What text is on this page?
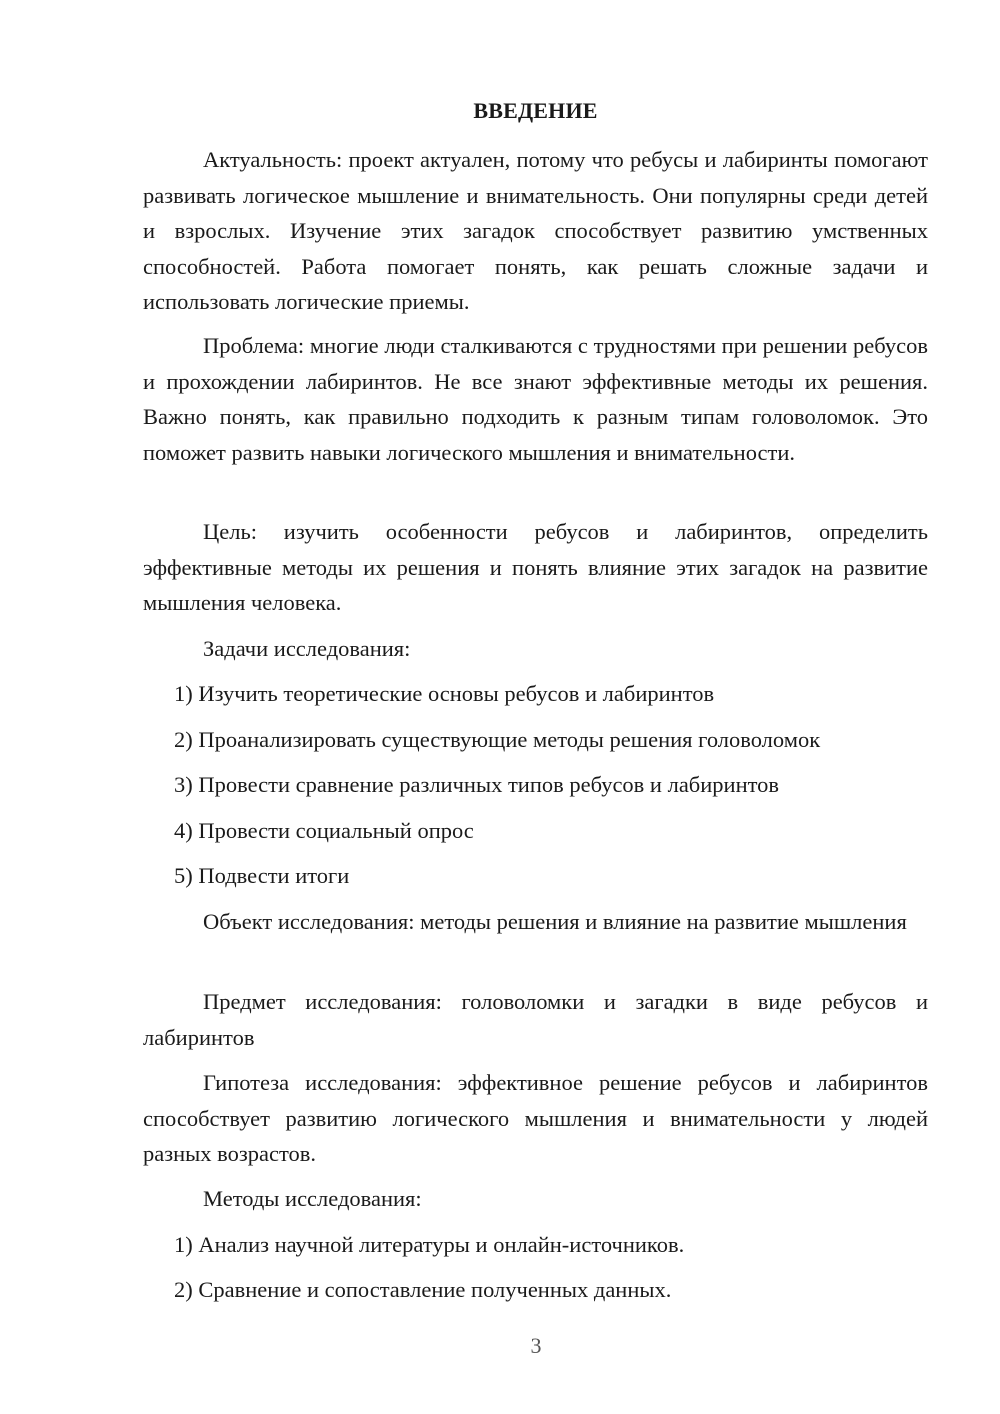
ВВЕДЕНИЕ

Актуальность: проект актуален, потому что ребусы и лабиринты помогают развивать логическое мышление и внимательность. Они популярны среди детей и взрослых. Изучение этих загадок способствует развитию умственных способностей. Работа помогает понять, как решать сложные задачи и использовать логические приемы.

Проблема: многие люди сталкиваются с трудностями при решении ребусов и прохождении лабиринтов. Не все знают эффективные методы их решения. Важно понять, как правильно подходить к разным типам головоломок. Это поможет развить навыки логического мышления и внимательности.

Цель: изучить особенности ребусов и лабиринтов, определить эффективные методы их решения и понять влияние этих загадок на развитие мышления человека.

Задачи исследования:

1) Изучить теоретические основы ребусов и лабиринтов

2) Проанализировать существующие методы решения головоломок

3) Провести сравнение различных типов ребусов и лабиринтов

4) Провести социальный опрос

5) Подвести итоги

Объект исследования: методы решения и влияние на развитие мышления

Предмет исследования: головоломки и загадки в виде ребусов и лабиринтов

Гипотеза исследования: эффективное решение ребусов и лабиринтов способствует развитию логического мышления и внимательности у людей разных возрастов.

Методы исследования:

1) Анализ научной литературы и онлайн-источников.

2) Сравнение и сопоставление полученных данных.

3
